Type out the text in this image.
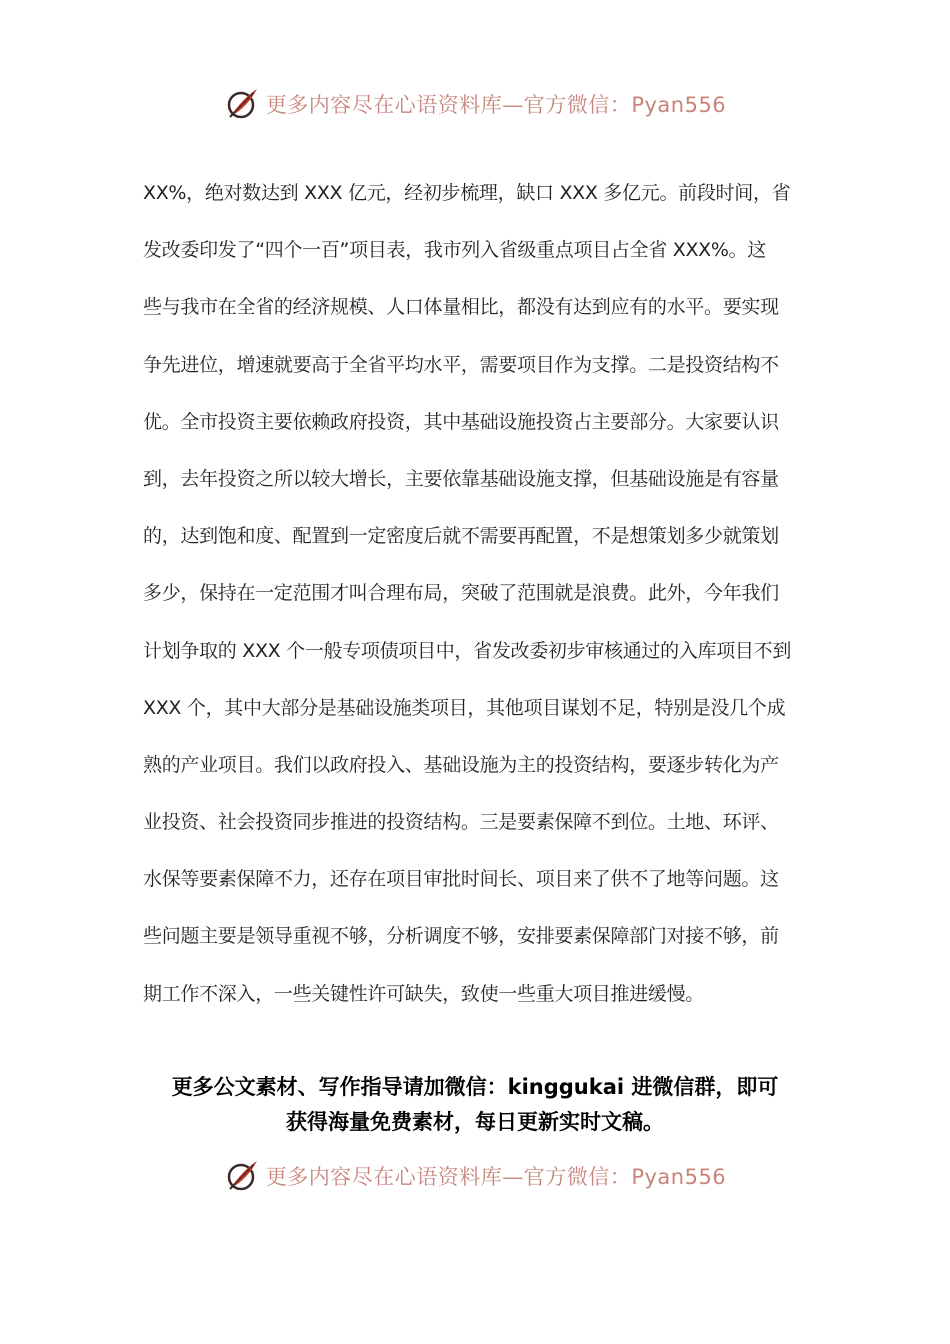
更多内容尽在心语资料库—官方微信：Pyan556
XX%，绝对数达到 XXX 亿元，经初步梳理，缺口 XXX 多亿元。前段时间，省
发改委印发了“四个一百”项目表，我市列入省级重点项目占全省 XXX%。这
些与我市在全省的经济规模、人口体量相比，都没有达到应有的水平。要实现
争先进位，增速就要高于全省平均水平，需要项目作为支撑。二是投资结构不
优。全市投资主要依赖政府投资，其中基础设施投资占主要部分。大家要认识
到，去年投资之所以较大增长，主要依靠基础设施支撑，但基础设施是有容量
的，达到饱和度、配置到一定密度后就不需要再配置，不是想策划多少就策划
多少，保持在一定范围才叫合理布局，突破了范围就是浪费。此外，今年我们
计划争取的 XXX 个一般专项债项目中，省发改委初步审核通过的入库项目不到
XXX 个，其中大部分是基础设施类项目，其他项目谋划不足，特别是没几个成
熟的产业项目。我们以政府投入、基础设施为主的投资结构，要逐步转化为产
业投资、社会投资同步推进的投资结构。三是要素保障不到位。土地、环评、
水保等要素保障不力，还存在项目审批时间长、项目来了供不了地等问题。这
些问题主要是领导重视不够，分析调度不够，安排要素保障部门对接不够，前
期工作不深入，一些关键性许可缺失，致使一些重大项目推进缓慢。
更多公文素材、写作指导请加微信：kinggukai 进微信群，即可
获得海量免费素材，每日更新实时文稿。
更多内容尽在心语资料库—官方微信：Pyan556
